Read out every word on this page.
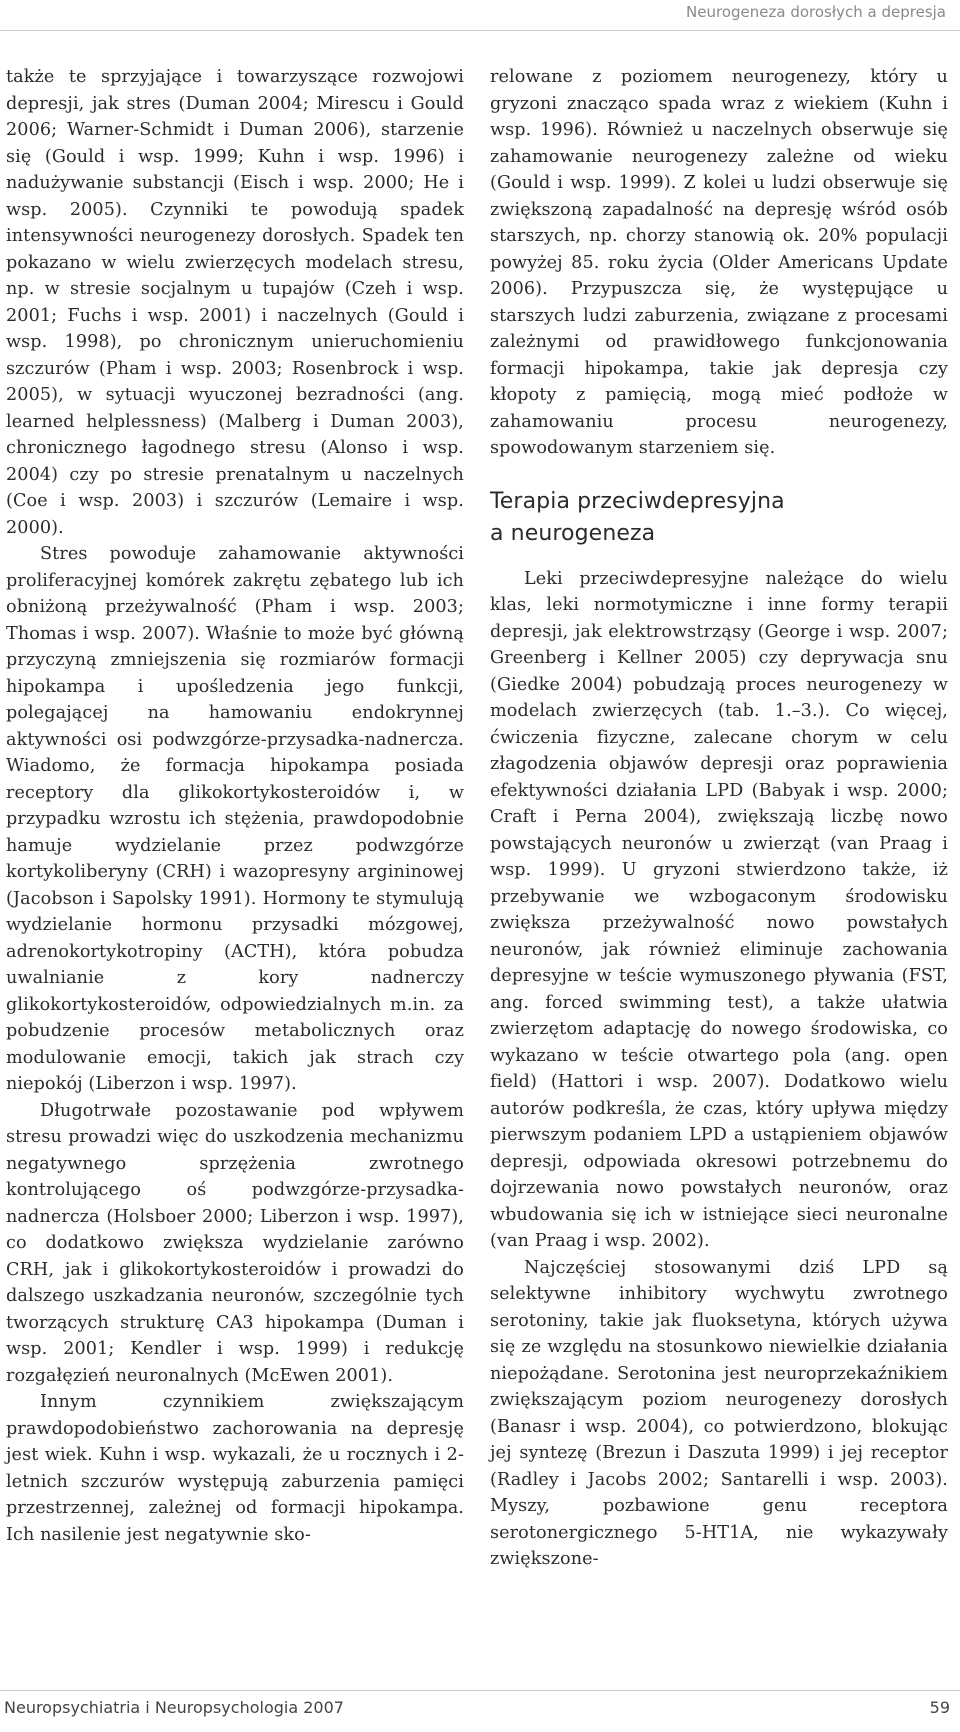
Neurogeneza dorosłych a depresja

także te sprzyjające i towarzyszące rozwojowi depresji, jak stres (Duman 2004; Mirescu i Gould 2006; Warner-Schmidt i Duman 2006), starzenie się (Gould i wsp. 1999; Kuhn i wsp. 1996) i nadużywanie substancji (Eisch i wsp. 2000; He i wsp. 2005). Czynniki te powodują spadek intensywności neurogenezy dorosłych. Spadek ten pokazano w wielu zwierzęcych modelach stresu, np. w stresie socjalnym u tupajów (Czeh i wsp. 2001; Fuchs i wsp. 2001) i naczelnych (Gould i wsp. 1998), po chronicznym unieruchomieniu szczurów (Pham i wsp. 2003; Rosenbrock i wsp. 2005), w sytuacji wyuczonej bezradności (ang. learned helplessness) (Malberg i Duman 2003), chronicznego łagodnego stresu (Alonso i wsp. 2004) czy po stresie prenatalnym u naczelnych (Coe i wsp. 2003) i szczurów (Lemaire i wsp. 2000).

Stres powoduje zahamowanie aktywności proliferacyjnej komórek zakrętu zębatego lub ich obniżoną przeżywalność (Pham i wsp. 2003; Thomas i wsp. 2007). Właśnie to może być główną przyczyną zmniejszenia się rozmiarów formacji hipokampa i upośledzenia jego funkcji, polegającej na hamowaniu endokrynnej aktywności osi podwzgórze-przysadka-nadnercza. Wiadomo, że formacja hipokampa posiada receptory dla glikokortykosteroidów i, w przypadku wzrostu ich stężenia, prawdopodobnie hamuje wydzielanie przez podwzgórze kortykoliberyny (CRH) i wazopresyny argininowej (Jacobson i Sapolsky 1991). Hormony te stymulują wydzielanie hormonu przysadki mózgowej, adrenokortykotropiny (ACTH), która pobudza uwalnianie z kory nadnerczy glikokortykosteroidów, odpowiedzialnych m.in. za pobudzenie procesów metabolicznych oraz modulowanie emocji, takich jak strach czy niepokój (Liberzon i wsp. 1997).

Długotrwałe pozostawanie pod wpływem stresu prowadzi więc do uszkodzenia mechanizmu negatywnego sprzężenia zwrotnego kontrolującego oś podwzgórze-przysadka-nadnercza (Holsboer 2000; Liberzon i wsp. 1997), co dodatkowo zwiększa wydzielanie zarówno CRH, jak i glikokortykosteroidów i prowadzi do dalszego uszkadzania neuronów, szczególnie tych tworzących strukturę CA3 hipokampa (Duman i wsp. 2001; Kendler i wsp. 1999) i redukcję rozgałęzień neuronalnych (McEwen 2001).

Innym czynnikiem zwiększającym prawdopodobieństwo zachorowania na depresję jest wiek. Kuhn i wsp. wykazali, że u rocznych i 2-letnich szczurów występują zaburzenia pamięci przestrzennej, zależnej od formacji hipokampa. Ich nasilenie jest negatywnie sko-

relowane z poziomem neurogenezy, który u gryzoni znacząco spada wraz z wiekiem (Kuhn i wsp. 1996). Również u naczelnych obserwuje się zahamowanie neurogenezy zależne od wieku (Gould i wsp. 1999). Z kolei u ludzi obserwuje się zwiększoną zapadalność na depresję wśród osób starszych, np. chorzy stanowią ok. 20% populacji powyżej 85. roku życia (Older Americans Update 2006). Przypuszcza się, że występujące u starszych ludzi zaburzenia, związane z procesami zależnymi od prawidłowego funkcjonowania formacji hipokampa, takie jak depresja czy kłopoty z pamięcią, mogą mieć podłoże w zahamowaniu procesu neurogenezy, spowodowanym starzeniem się.

Terapia przeciwdepresyjna
a neurogeneza

Leki przeciwdepresyjne należące do wielu klas, leki normotymiczne i inne formy terapii depresji, jak elektrowstrząsy (George i wsp. 2007; Greenberg i Kellner 2005) czy deprywacja snu (Giedke 2004) pobudzają proces neurogenezy w modelach zwierzęcych (tab. 1.–3.). Co więcej, ćwiczenia fizyczne, zalecane chorym w celu złagodzenia objawów depresji oraz poprawienia efektywności działania LPD (Babyak i wsp. 2000; Craft i Perna 2004), zwiększają liczbę nowo powstających neuronów u zwierząt (van Praag i wsp. 1999). U gryzoni stwierdzono także, iż przebywanie we wzbogaconym środowisku zwiększa przeżywalność nowo powstałych neuronów, jak również eliminuje zachowania depresyjne w teście wymuszonego pływania (FST, ang. forced swimming test), a także ułatwia zwierzętom adaptację do nowego środowiska, co wykazano w teście otwartego pola (ang. open field) (Hattori i wsp. 2007). Dodatkowo wielu autorów podkreśla, że czas, który upływa między pierwszym podaniem LPD a ustąpieniem objawów depresji, odpowiada okresowi potrzebnemu do dojrzewania nowo powstałych neuronów, oraz wbudowania się ich w istniejące sieci neuronalne (van Praag i wsp. 2002).

Najczęściej stosowanymi dziś LPD są selektywne inhibitory wychwytu zwrotnego serotoniny, takie jak fluoksetyna, których używa się ze względu na stosunkowo niewielkie działania niepożądane. Serotonina jest neuroprzekaźnikiem zwiększającym poziom neurogenezy dorosłych (Banasr i wsp. 2004), co potwierdzono, blokując jej syntezę (Brezun i Daszuta 1999) i jej receptor (Radley i Jacobs 2002; Santarelli i wsp. 2003). Myszy, pozbawione genu receptora serotonergicznego 5-HT1A, nie wykazywały zwiększone-

Neuropsychiatria i Neuropsychologia 2007	59
